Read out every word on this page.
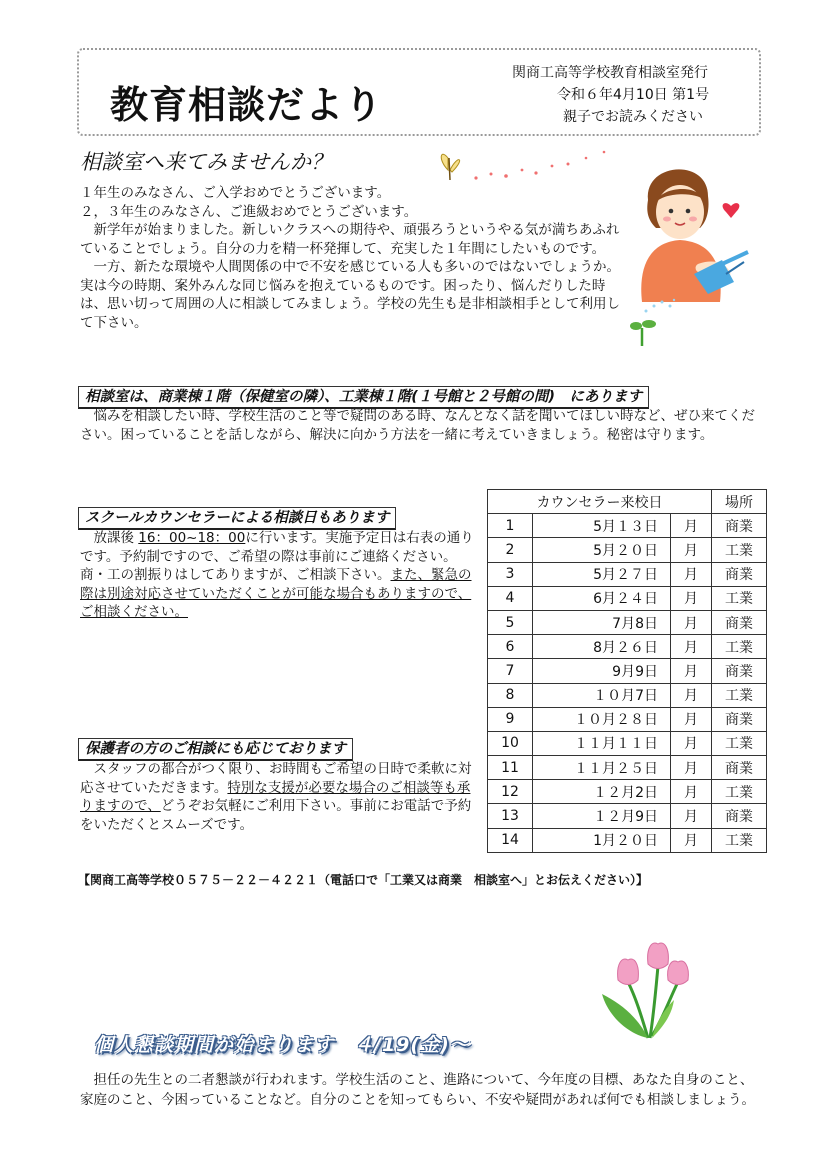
教育相談だより
関商工高等学校教育相談室発行
令和６年4月10日 第1号
親子でお読みください
相談室へ来てみませんか？
１年生のみなさん、ご入学おめでとうございます。
２，３年生のみなさん、ご進級おめでとうございます。
　新学年が始まりました。新しいクラスへの期待や、頑張ろうというやる気が満ちあふれていることでしょう。自分の力を精一杯発揮して、充実した１年間にしたいものです。
　一方、新たな環境や人間関係の中で不安を感じている人も多いのではないでしょうか。実は今の時期、案外みんな同じ悩みを抱えているものです。困ったり、悩んだりした時は、思い切って周囲の人に相談してみましょう。学校の先生も是非相談相手として利用して下さい。
相談室は、商業棟１階（保健室の隣）、工業棟１階(１号館と２号館の間)　にあります
　悩みを相談したい時、学校生活のこと等で疑問のある時、なんとなく話を聞いてほしい時など、ぜひ来てください。困っていることを話しながら、解決に向かう方法を一緒に考えていきましょう。秘密は守ります。
スクールカウンセラーによる相談日もあります
　放課後 16：00~18：00に行います。実施予定日は右表の通りです。予約制ですので、ご希望の際は事前にご連絡ください。商・工の割振りはしてありますが、ご相談下さい。また、緊急の際は別途対応させていただくことが可能な場合もありますので、ご相談ください。
カウンセラー来校日			場所
1	5月１３日	月	商業
2	5月２０日	月	工業
3	5月２７日	月	商業
4	6月２４日	月	工業
5	7月8日	月	商業
6	8月２６日	月	工業
7	9月9日	月	商業
8	１０月7日	月	工業
9	１０月２８日	月	商業
10	１１月１１日	月	工業
11	１１月２５日	月	商業
12	１２月2日	月	工業
13	１２月9日	月	商業
14	1月２０日	月	工業
保護者の方のご相談にも応じております
　スタッフの都合がつく限り、お時間もご希望の日時で柔軟に対応させていただきます。特別な支援が必要な場合のご相談等も承りますので、どうぞお気軽にご利用下さい。事前にお電話で予約をいただくとスムーズです。
【関商工高等学校０５７５－２２－４２２１（電話口で「工業又は商業　相談室へ」とお伝えください）】
個人懇談期間が始まります　４/19(金)～
　担任の先生との二者懇談が行われます。学校生活のこと、進路について、今年度の目標、あなた自身のこと、家庭のこと、今困っていることなど。自分のことを知ってもらい、不安や疑問があれば何でも相談しましょう。
